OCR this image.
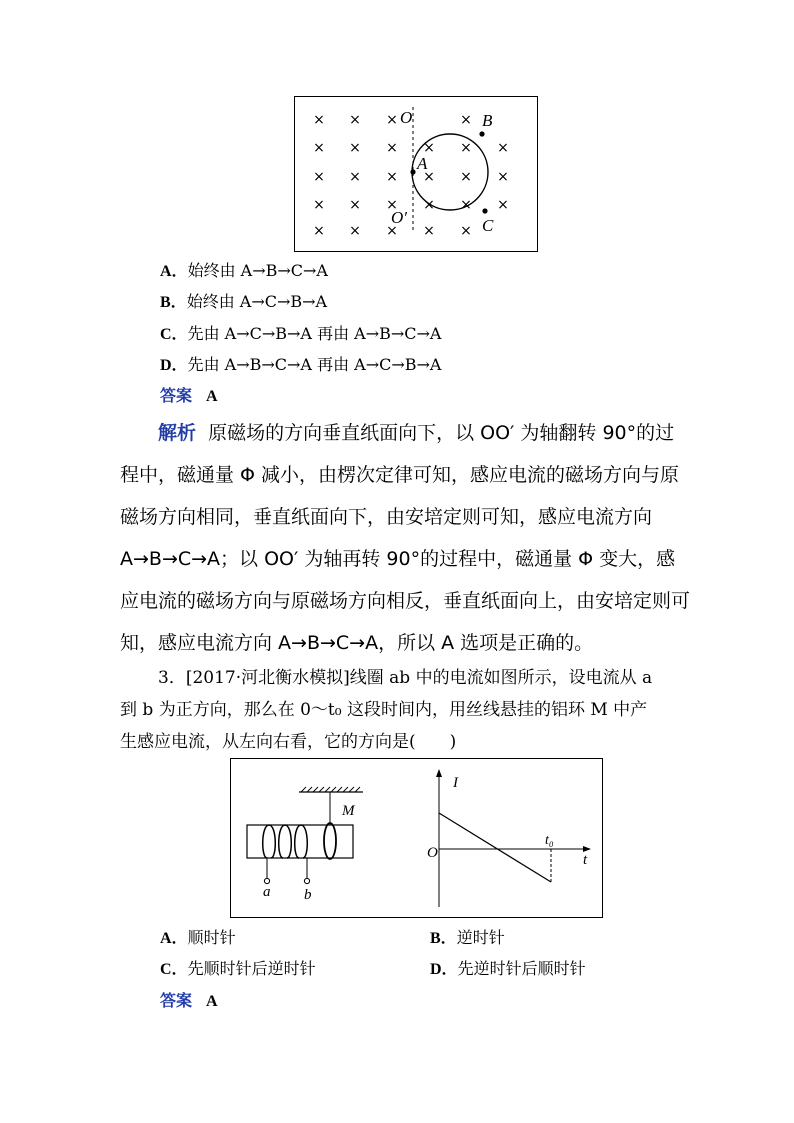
× × ×	×
× × × × × ×
× × × × × ×
× × × × × ×
× × × × ×
O
O′
A
B
C
A．始终由 A→B→C→A
B．始终由 A→C→B→A
C．先由 A→C→B→A 再由 A→B→C→A
D．先由 A→B→C→A 再由 A→C→B→A
答案 A
解析 原磁场的方向垂直纸面向下，以 OO′ 为轴翻转 90°的过
程中，磁通量 Φ 减小，由楞次定律可知，感应电流的磁场方向与原
磁场方向相同，垂直纸面向下，由安培定则可知，感应电流方向
A→B→C→A；以 OO′ 为轴再转 90°的过程中，磁通量 Φ 变大，感
应电流的磁场方向与原磁场方向相反，垂直纸面向上，由安培定则可
知，感应电流方向 A→B→C→A，所以 A 选项是正确的。
3．[2017·河北衡水模拟]线圈 ab 中的电流如图所示，设电流从 a
到 b 为正方向，那么在 0～t₀ 这段时间内，用丝线悬挂的铝环 M 中产
生感应电流，从左向右看，它的方向是(　　)
M
a b
I
O
t₀
t
A．顺时针	B．逆时针
C．先顺时针后逆时针	D．先逆时针后顺时针
答案 A
